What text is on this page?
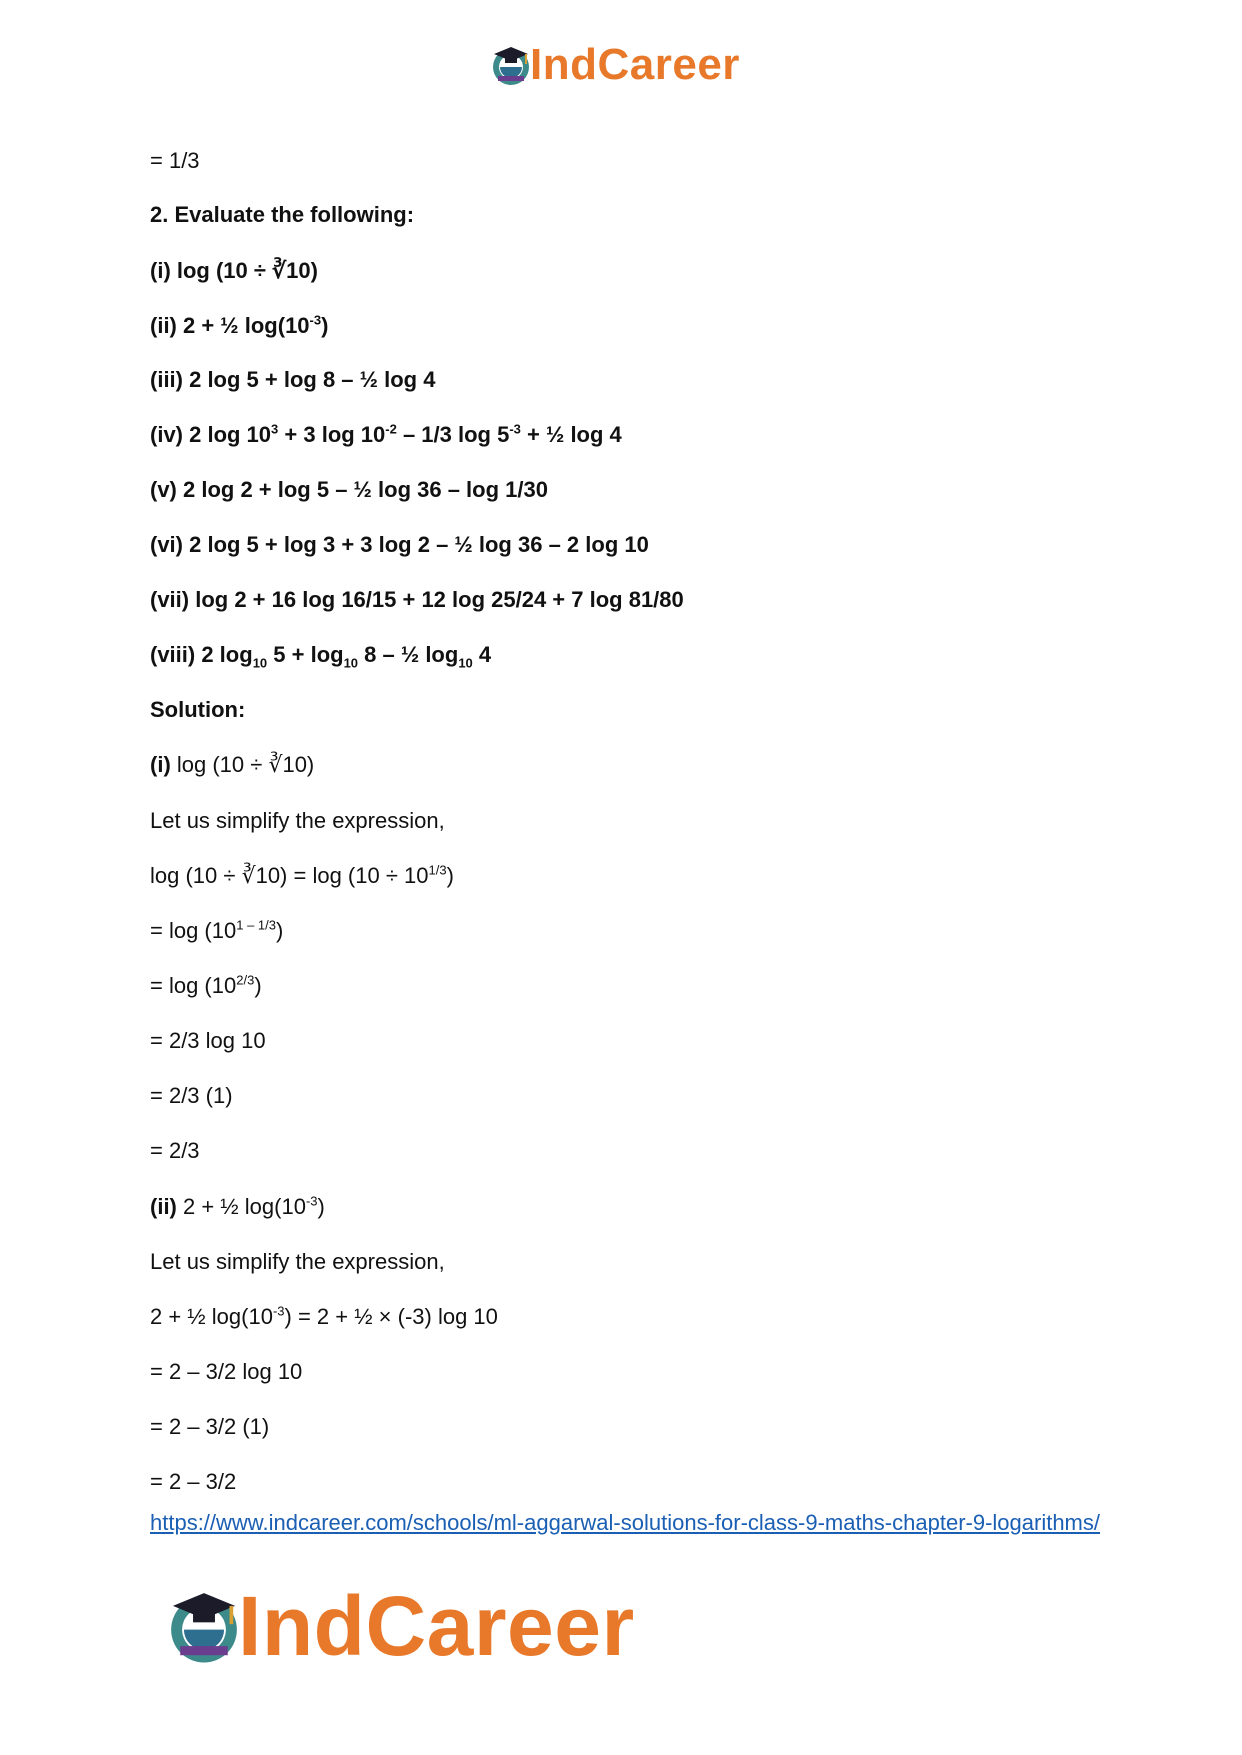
IndCareer
= 1/3
2. Evaluate the following:
(i) log (10 ÷ ∛10)
(ii) 2 + ½ $\log(10^{-3})$
(iii) 2 log 5 + log 8 – ½ log 4
(iv) 2 $\log 10^3 + 3$ $\log 10^{-2} - 1/3$ $\log 5^{-3}$ + ½ log 4
(v) 2 log 2 + log 5 – ½ log 36 – log 1/30
(vi) 2 log 5 + log 3 + 3 log 2 – ½ log 36 – 2 log 10
(vii) log 2 + 16 log 16/15 + 12 log 25/24 + 7 log 81/80
(viii) 2 $\log_{10} 5 + \log_{10} 8$ – ½ $\log_{10} 4$
Solution:
(i) log (10 ÷ ∛10)
Let us simplify the expression,
log (10 ÷ ∛10) = $\log (10 \div 10^{1/3})$
= $\log (10^{1 - 1/3})$
= $\log (10^{2/3})$
= 2/3 log 10
= 2/3 (1)
= 2/3
(ii) 2 + ½ $\log(10^{-3})$
Let us simplify the expression,
2 + ½ $\log(10^{-3}) = 2$ + ½ × (-3) log 10
= 2 – 3/2 log 10
= 2 – 3/2 (1)
= 2 – 3/2
https://www.indcareer.com/schools/ml-aggarwal-solutions-for-class-9-maths-chapter-9-logarithms/
IndCareer
